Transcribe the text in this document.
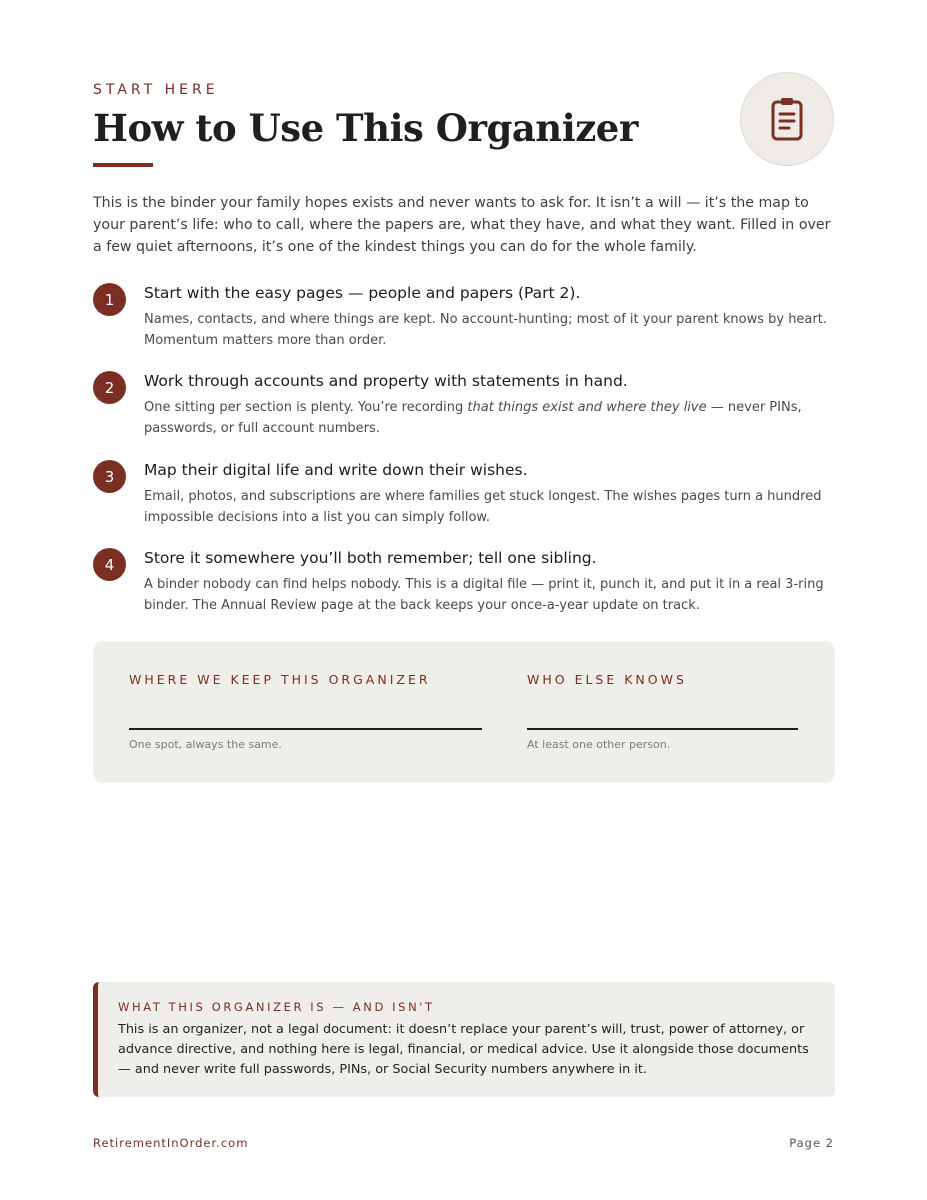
START HERE
How to Use This Organizer

This is the binder your family hopes exists and never wants to ask for. It isn’t a will — it’s the map to your parent’s life: who to call, where the papers are, what they have, and what they want. Filled in over a few quiet afternoons, it’s one of the kindest things you can do for the whole family.

1	Start with the easy pages — people and papers (Part 2).

Names, contacts, and where things are kept. No account-hunting; most of it your parent knows by heart. Momentum matters more than order.

2	Work through accounts and property with statements in hand.

One sitting per section is plenty. You’re recording that things exist and where they live — never PINs, passwords, or full account numbers.

3	Map their digital life and write down their wishes.

Email, photos, and subscriptions are where families get stuck longest. The wishes pages turn a hundred impossible decisions into a list you can simply follow.

4	Store it somewhere you’ll both remember; tell one sibling.

A binder nobody can find helps nobody. This is a digital file — print it, punch it, and put it in a real 3-ring binder. The Annual Review page at the back keeps your once-a-year update on track.

WHERE WE KEEP THIS ORGANIZER
One spot, always the same.
WHO ELSE KNOWS
At least one other person.
WHAT THIS ORGANIZER IS — AND ISN'T

This is an organizer, not a legal document: it doesn’t replace your parent’s will, trust, power of attorney, or advance directive, and nothing here is legal, financial, or medical advice. Use it alongside those documents — and never write full passwords, PINs, or Social Security numbers anywhere in it.

RetirementInOrder.com	Page 2
